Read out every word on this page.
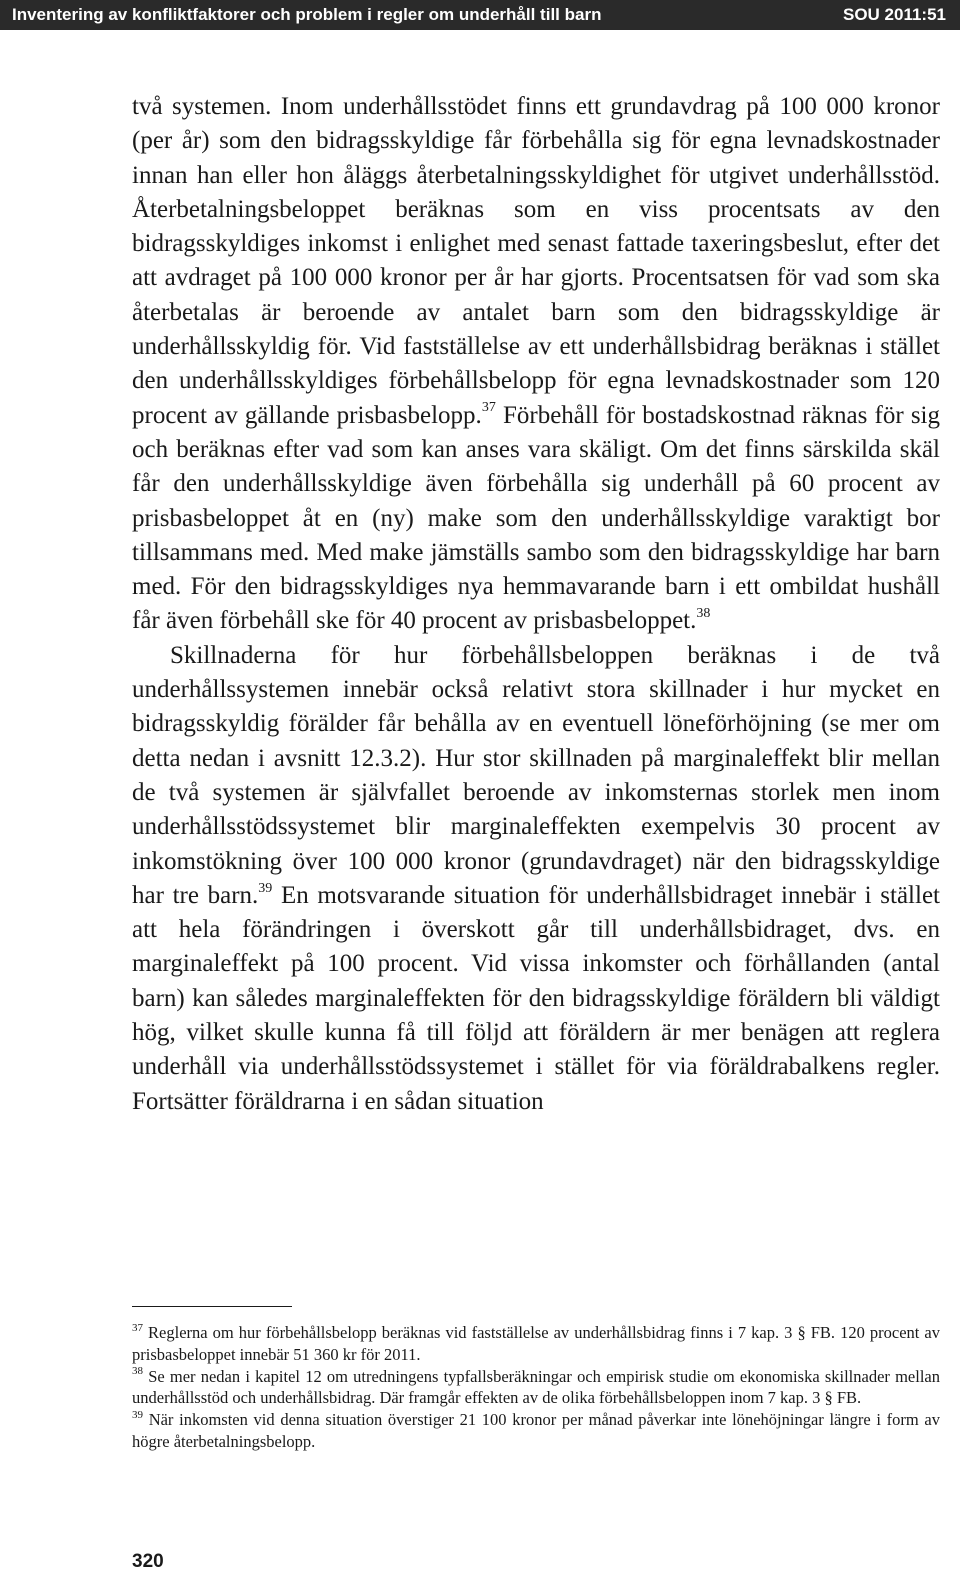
Inventering av konfliktfaktorer och problem i regler om underhåll till barn	SOU 2011:51

två systemen. Inom underhållsstödet finns ett grundavdrag på 100 000 kronor (per år) som den bidragsskyldige får förbehålla sig för egna levnadskostnader innan han eller hon åläggs återbetalningsskyldighet för utgivet underhållsstöd. Återbetalningsbeloppet beräknas som en viss procentsats av den bidragsskyldiges inkomst i enlighet med senast fattade taxeringsbeslut, efter det att avdraget på 100 000 kronor per år har gjorts. Procentsatsen för vad som ska återbetalas är beroende av antalet barn som den bidragsskyldige är underhållsskyldig för. Vid fastställelse av ett underhållsbidrag beräknas i stället den underhållsskyldiges förbehållsbelopp för egna levnadskostnader som 120 procent av gällande prisbasbelopp.$^{37}$ Förbehåll för bostadskostnad räknas för sig och beräknas efter vad som kan anses vara skäligt. Om det finns särskilda skäl får den underhållsskyldige även förbehålla sig underhåll på 60 procent av prisbasbeloppet åt en (ny) make som den underhållsskyldige varaktigt bor tillsammans med. Med make jämställs sambo som den bidragsskyldige har barn med. För den bidragsskyldiges nya hemmavarande barn i ett ombildat hushåll får även förbehåll ske för 40 procent av prisbasbeloppet.$^{38}$

Skillnaderna för hur förbehållsbeloppen beräknas i de två underhållssystemen innebär också relativt stora skillnader i hur mycket en bidragsskyldig förälder får behålla av en eventuell löneförhöjning (se mer om detta nedan i avsnitt 12.3.2). Hur stor skillnaden på marginaleffekt blir mellan de två systemen är självfallet beroende av inkomsternas storlek men inom underhållsstödssystemet blir marginaleffekten exempelvis 30 procent av inkomstökning över 100 000 kronor (grundavdraget) när den bidragsskyldige har tre barn.$^{39}$ En motsvarande situation för underhållsbidraget innebär i stället att hela förändringen i överskott går till underhållsbidraget, dvs. en marginaleffekt på 100 procent. Vid vissa inkomster och förhållanden (antal barn) kan således marginaleffekten för den bidragsskyldige föräldern bli väldigt hög, vilket skulle kunna få till följd att föräldern är mer benägen att reglera underhåll via underhållsstödssystemet i stället för via föräldrabalkens regler. Fortsätter föräldrarna i en sådan situation

$^{37}$ Reglerna om hur förbehållsbelopp beräknas vid fastställelse av underhållsbidrag finns i 7 kap. 3 § FB. 120 procent av prisbasbeloppet innebär 51 360 kr för 2011.

$^{38}$ Se mer nedan i kapitel 12 om utredningens typfallsberäkningar och empirisk studie om ekonomiska skillnader mellan underhållsstöd och underhållsbidrag. Där framgår effekten av de olika förbehållsbeloppen inom 7 kap. 3 § FB.

$^{39}$ När inkomsten vid denna situation överstiger 21 100 kronor per månad påverkar inte lönehöjningar längre i form av högre återbetalningsbelopp.

320
